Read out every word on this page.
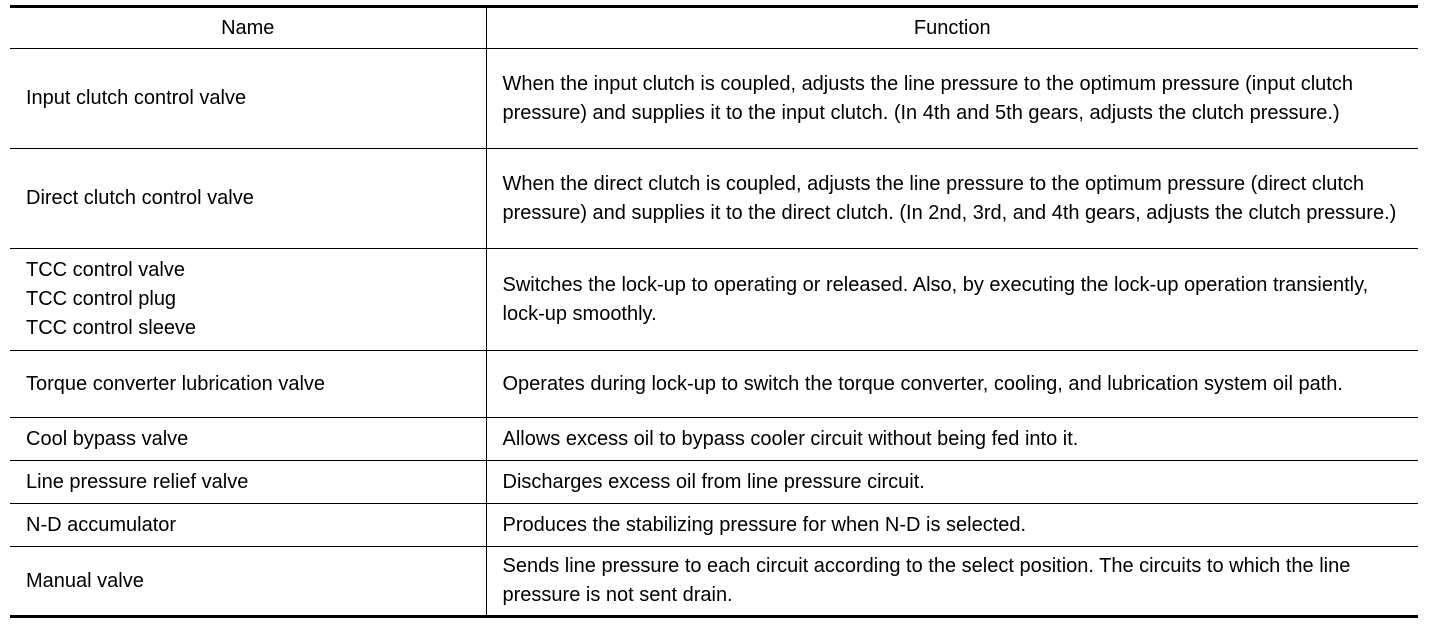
Name	Function

Input clutch control valve	When the input clutch is coupled, adjusts the line pressure to the optimum pressure (input clutch pressure) and supplies it to the input clutch. (In 4th and 5th gears, adjusts the clutch pressure.)

Direct clutch control valve	When the direct clutch is coupled, adjusts the line pressure to the optimum pressure (direct clutch pressure) and supplies it to the direct clutch. (In 2nd, 3rd, and 4th gears, adjusts the clutch pressure.)

TCC control valve
TCC control plug
TCC control sleeve	Switches the lock-up to operating or released. Also, by executing the lock-up operation transiently, lock-up smoothly.

Torque converter lubrication valve	Operates during lock-up to switch the torque converter, cooling, and lubrication system oil path.

Cool bypass valve	Allows excess oil to bypass cooler circuit without being fed into it.

Line pressure relief valve	Discharges excess oil from line pressure circuit.

N-D accumulator	Produces the stabilizing pressure for when N-D is selected.

Manual valve	Sends line pressure to each circuit according to the select position. The circuits to which the line pressure is not sent drain.
